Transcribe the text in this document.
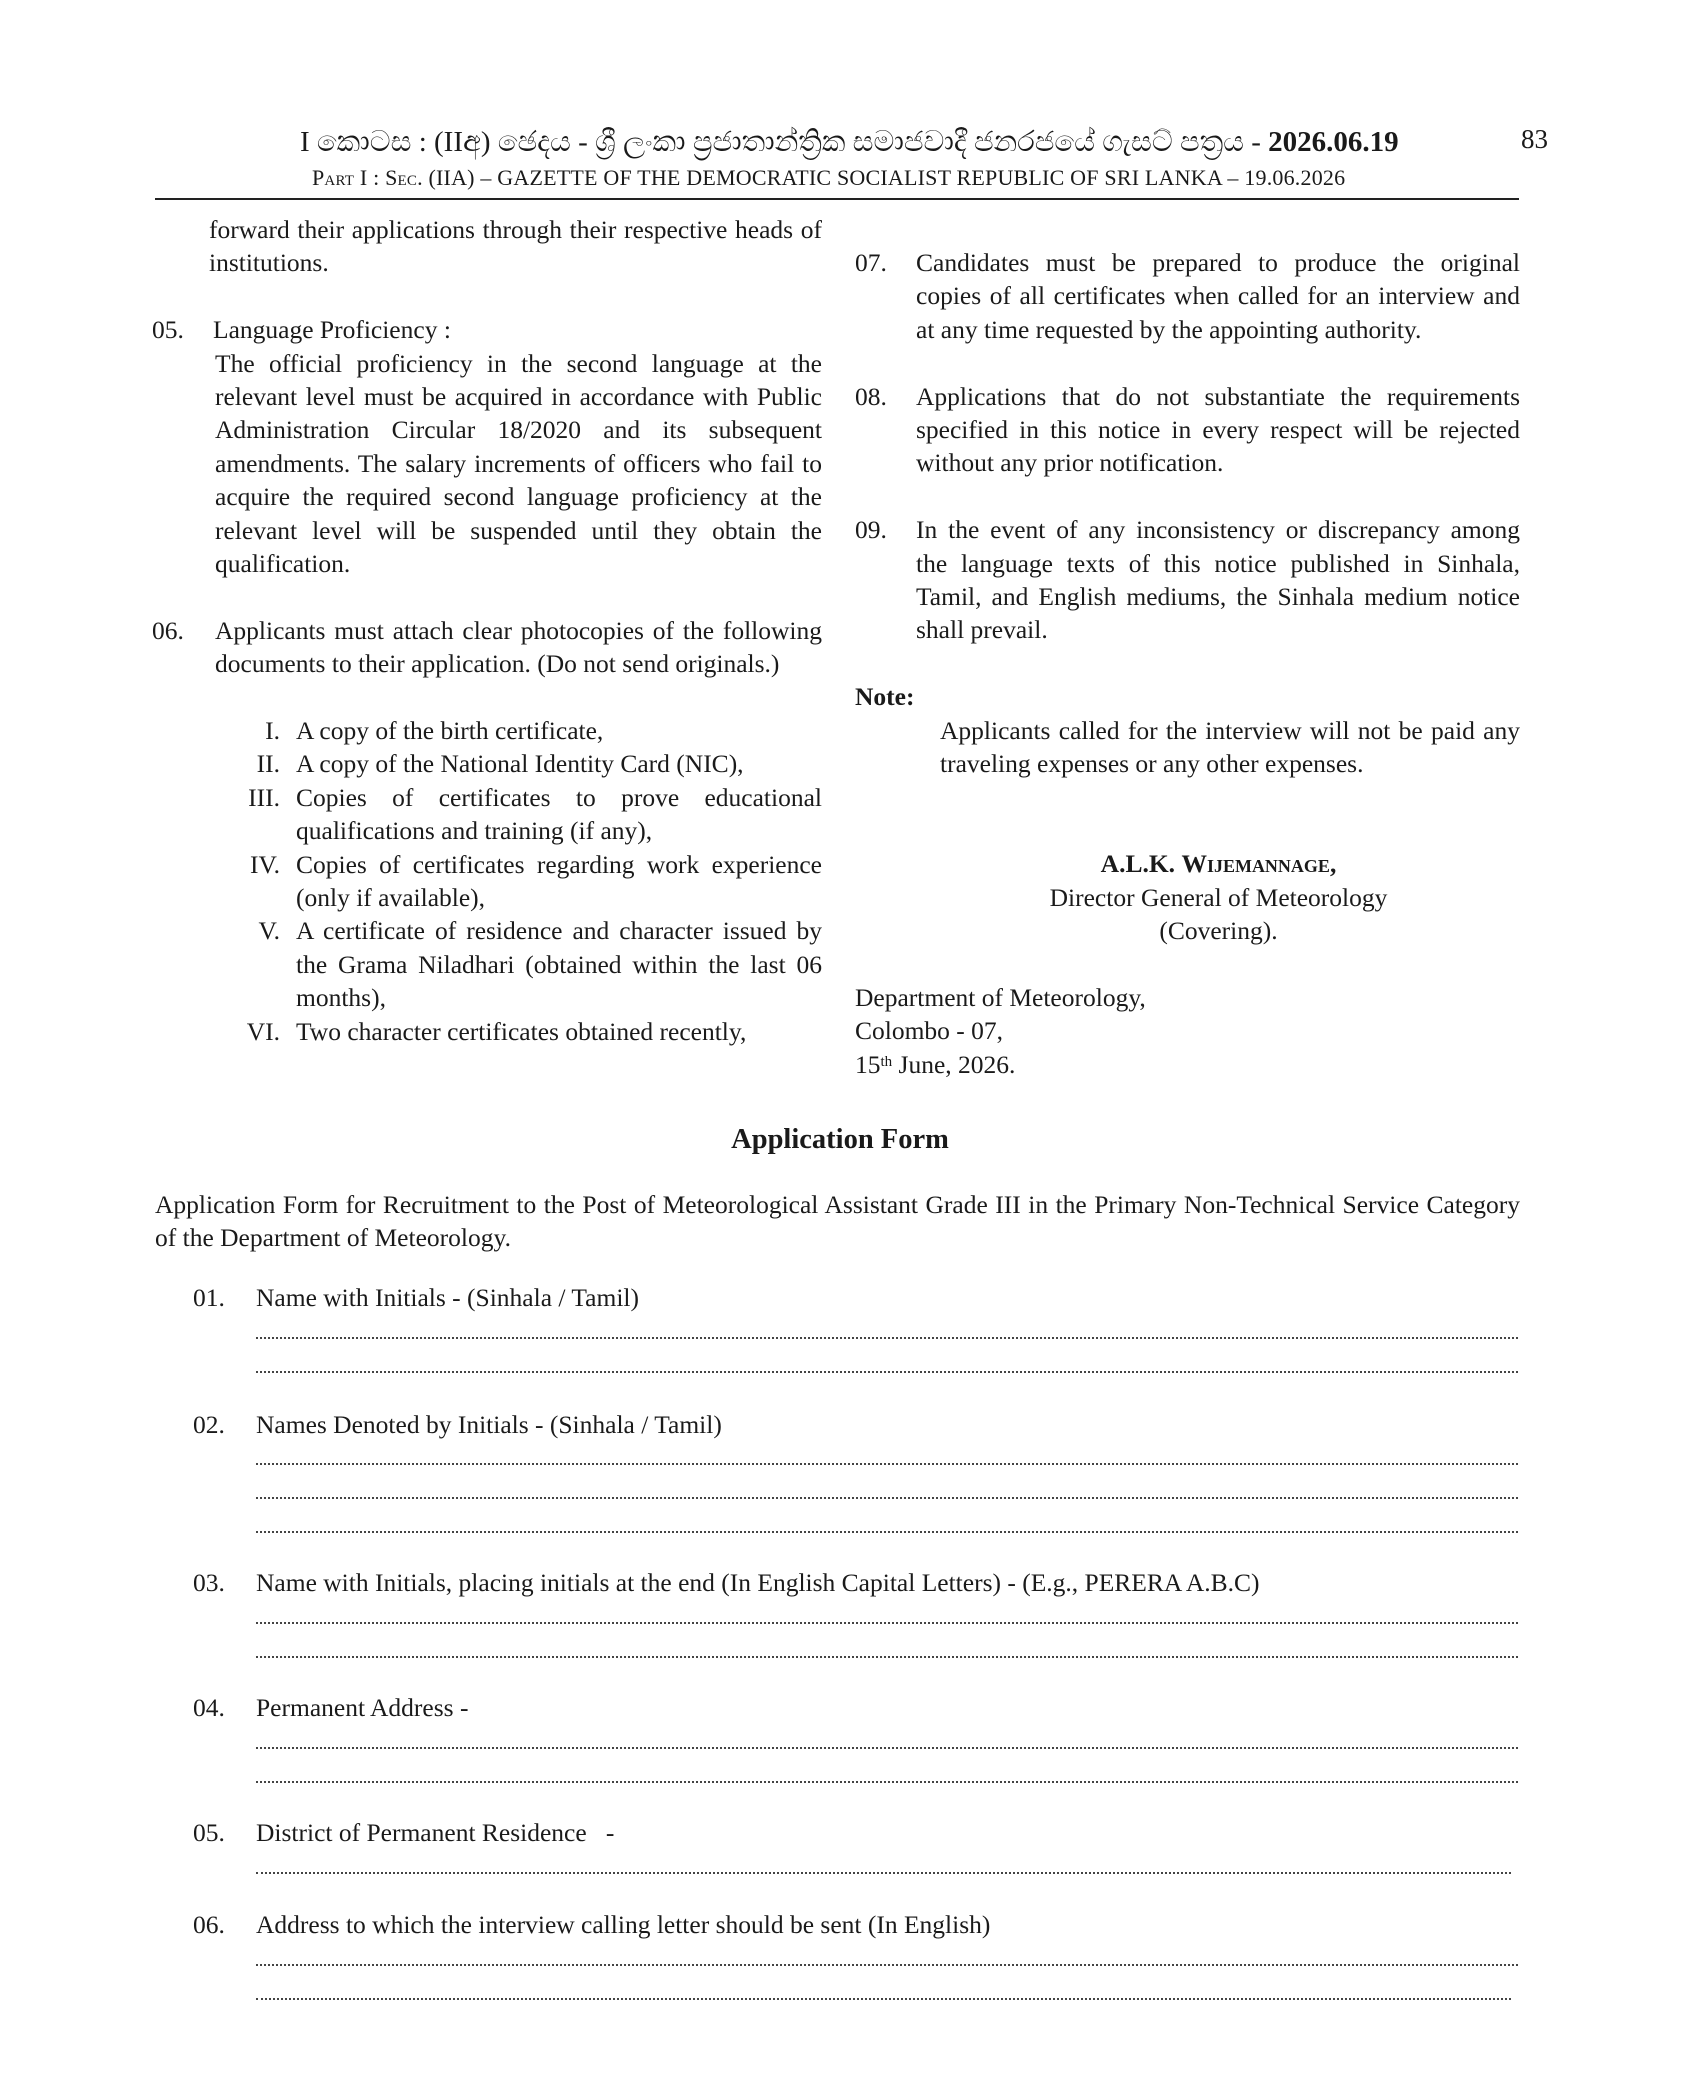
I කොටස : (IIඅ) ඡෙදය - ශ්‍රී ලංකා ප්‍රජාතාන්ත්‍රික සමාජවාදී ජනරජයේ ගැසට් පත්‍රය - 2026.06.19	83
Part I : Sec. (IIA) – GAZETTE OF THE DEMOCRATIC SOCIALIST REPUBLIC OF SRI LANKA – 19.06.2026
forward their applications through their respective heads of institutions.
05.	Language Proficiency :
The official proficiency in the second language at the relevant level must be acquired in accordance with Public Administration Circular 18/2020 and its subsequent amendments. The salary increments of officers who fail to acquire the required second language proficiency at the relevant level will be suspended until they obtain the qualification.
06.	Applicants must attach clear photocopies of the following documents to their application. (Do not send originals.)
I. A copy of the birth certificate,
II. A copy of the National Identity Card (NIC),
III. Copies of certificates to prove educational qualifications and training (if any),
IV. Copies of certificates regarding work experience (only if available),
V. A certificate of residence and character issued by the Grama Niladhari (obtained within the last 06 months),
VI. Two character certificates obtained recently,
07.	Candidates must be prepared to produce the original copies of all certificates when called for an interview and at any time requested by the appointing authority.
08.	Applications that do not substantiate the requirements specified in this notice in every respect will be rejected without any prior notification.
09.	In the event of any inconsistency or discrepancy among the language texts of this notice published in Sinhala, Tamil, and English mediums, the Sinhala medium notice shall prevail.
Note:
Applicants called for the interview will not be paid any traveling expenses or any other expenses.
A.L.K. Wijemannage,
Director General of Meteorology
(Covering).
Department of Meteorology,
Colombo - 07,
15th June, 2026.
Application Form
Application Form for Recruitment to the Post of Meteorological Assistant Grade III in the Primary Non-Technical Service Category of the Department of Meteorology.
01. Name with Initials - (Sinhala / Tamil)
02. Names Denoted by Initials - (Sinhala / Tamil)
03. Name with Initials, placing initials at the end (In English Capital Letters) - (E.g., PERERA A.B.C)
04. Permanent Address -
05. District of Permanent Residence   -
06. Address to which the interview calling letter should be sent (In English)
